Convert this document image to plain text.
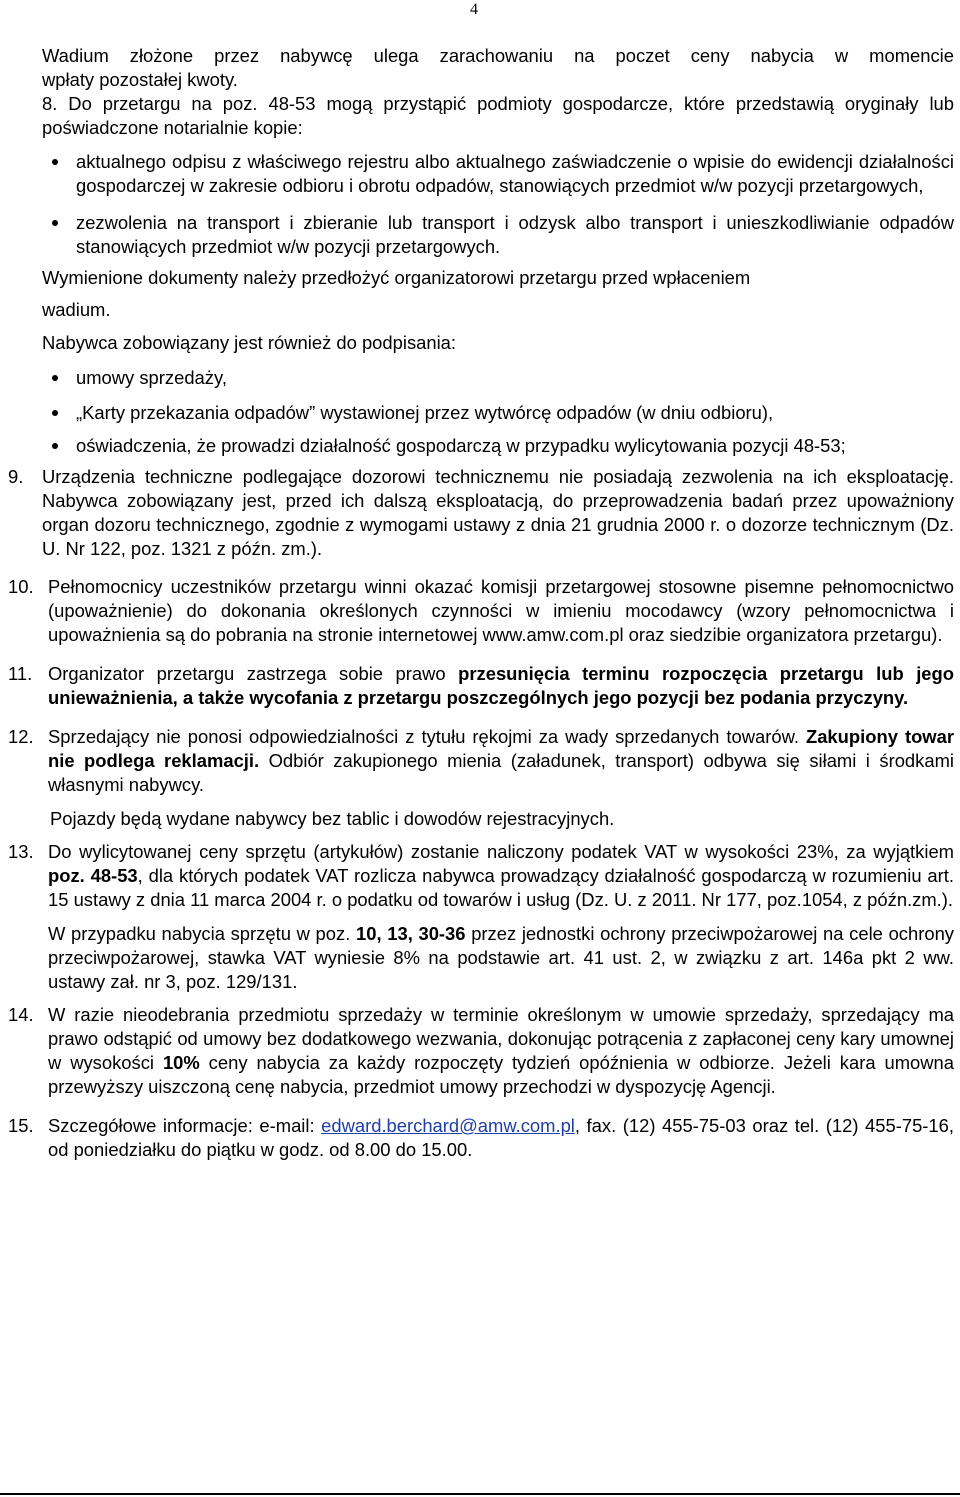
4

Wadium złożone przez nabywcę ulega zarachowaniu na poczet ceny nabycia w momencie

wpłaty pozostałej kwoty.

8. Do przetargu na poz. 48-53 mogą przystąpić podmioty gospodarcze, które przedstawią oryginały lub poświadczone notarialnie kopie:

aktualnego odpisu z właściwego rejestru albo aktualnego zaświadczenie o wpisie do ewidencji działalności gospodarczej w zakresie odbioru i obrotu odpadów, stanowiących przedmiot w/w pozycji przetargowych,
zezwolenia na transport i zbieranie lub transport i odzysk albo transport i unieszkodliwianie odpadów stanowiących przedmiot w/w pozycji przetargowych.

Wymienione dokumenty należy przedłożyć organizatorowi przetargu przed wpłaceniem

wadium.

Nabywca zobowiązany jest również do podpisania:

umowy sprzedaży,
„Karty przekazania odpadów” wystawionej przez wytwórcę odpadów (w dniu odbioru),
oświadczenia, że prowadzi działalność gospodarczą w przypadku wylicytowania pozycji 48-53;
9.	Urządzenia techniczne podlegające dozorowi technicznemu nie posiadają zezwolenia na ich eksploatację. Nabywca zobowiązany jest, przed ich dalszą eksploatacją, do przeprowadzenia badań przez upoważniony organ dozoru technicznego, zgodnie z wymogami ustawy z dnia 21 grudnia 2000 r. o dozorze technicznym (Dz. U. Nr 122, poz. 1321 z późn. zm.).

10. Pełnomocnicy uczestników przetargu winni okazać komisji przetargowej stosowne pisemne pełnomocnictwo (upoważnienie) do dokonania określonych czynności w imieniu mocodawcy (wzory pełnomocnictwa i upoważnienia są do pobrania na stronie internetowej www.amw.com.pl oraz siedzibie organizatora przetargu).

11. Organizator przetargu zastrzega sobie prawo przesunięcia terminu rozpoczęcia przetargu lub jego unieważnienia, a także wycofania z przetargu poszczególnych jego pozycji bez podania przyczyny.

12. Sprzedający nie ponosi odpowiedzialności z tytułu rękojmi za wady sprzedanych towarów. Zakupiony towar nie podlega reklamacji. Odbiór zakupionego mienia (załadunek, transport) odbywa się siłami i środkami własnymi nabywcy.

Pojazdy będą wydane nabywcy bez tablic i dowodów rejestracyjnych.

13. Do wylicytowanej ceny sprzętu (artykułów) zostanie naliczony podatek VAT w wysokości 23%, za wyjątkiem poz. 48-53, dla których podatek VAT rozlicza nabywca prowadzący działalność gospodarczą w rozumieniu art. 15 ustawy z dnia 11 marca 2004 r. o podatku od towarów i usług (Dz. U. z 2011. Nr 177, poz.1054, z późn.zm.).

W przypadku nabycia sprzętu w poz. 10, 13, 30-36 przez jednostki ochrony przeciwpożarowej na cele ochrony przeciwpożarowej, stawka VAT wyniesie 8% na podstawie art. 41 ust. 2, w związku z art. 146a pkt 2 ww. ustawy zał. nr 3, poz. 129/131.

14. W razie nieodebrania przedmiotu sprzedaży w terminie określonym w umowie sprzedaży, sprzedający ma prawo odstąpić od umowy bez dodatkowego wezwania, dokonując potrącenia z zapłaconej ceny kary umownej w wysokości 10% ceny nabycia za każdy rozpoczęty tydzień opóźnienia w odbiorze. Jeżeli kara umowna przewyższy uiszczoną cenę nabycia, przedmiot umowy przechodzi w dyspozycję Agencji.

15. Szczegółowe informacje: e-mail: edward.berchard@amw.com.pl, fax. (12) 455-75-03 oraz tel. (12) 455-75-16, od poniedziałku do piątku w godz. od 8.00 do 15.00.
